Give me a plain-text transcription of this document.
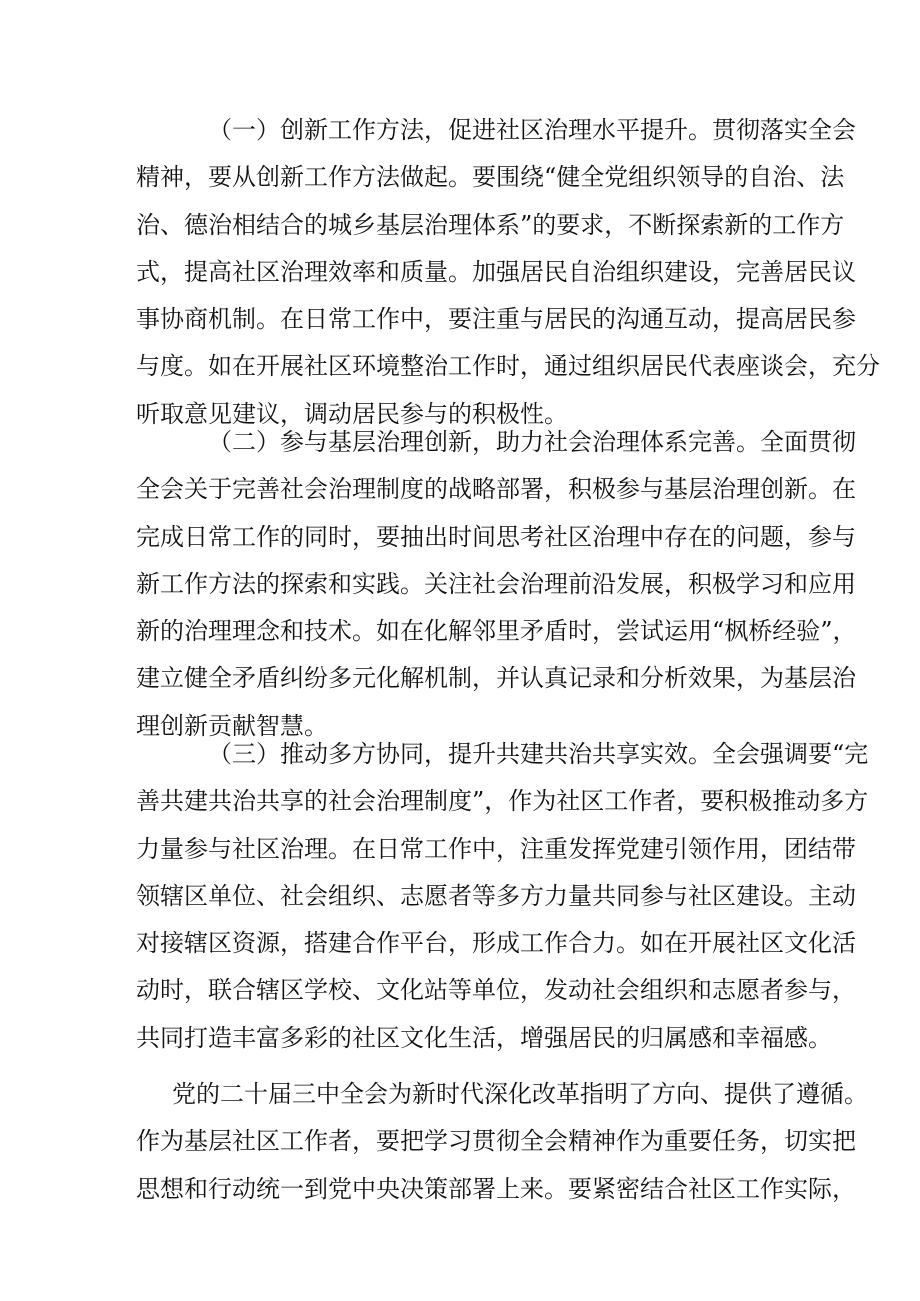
（一）创新工作方法，促进社区治理水平提升。贯彻落实全会
精神，要从创新工作方法做起。要围绕“健全党组织领导的自治、法
治、德治相结合的城乡基层治理体系”的要求，不断探索新的工作方
式，提高社区治理效率和质量。加强居民自治组织建设，完善居民议
事协商机制。在日常工作中，要注重与居民的沟通互动，提高居民参
与度。如在开展社区环境整治工作时，通过组织居民代表座谈会，充分
听取意见建议，调动居民参与的积极性。
（二）参与基层治理创新，助力社会治理体系完善。全面贯彻
全会关于完善社会治理制度的战略部署，积极参与基层治理创新。在
完成日常工作的同时，要抽出时间思考社区治理中存在的问题，参与
新工作方法的探索和实践。关注社会治理前沿发展，积极学习和应用
新的治理理念和技术。如在化解邻里矛盾时，尝试运用“枫桥经验”，
建立健全矛盾纠纷多元化解机制，并认真记录和分析效果，为基层治
理创新贡献智慧。
（三）推动多方协同，提升共建共治共享实效。全会强调要“完
善共建共治共享的社会治理制度”，作为社区工作者，要积极推动多方
力量参与社区治理。在日常工作中，注重发挥党建引领作用，团结带
领辖区单位、社会组织、志愿者等多方力量共同参与社区建设。主动
对接辖区资源，搭建合作平台，形成工作合力。如在开展社区文化活
动时，联合辖区学校、文化站等单位，发动社会组织和志愿者参与，
共同打造丰富多彩的社区文化生活，增强居民的归属感和幸福感。
党的二十届三中全会为新时代深化改革指明了方向、提供了遵循。
作为基层社区工作者，要把学习贯彻全会精神作为重要任务，切实把
思想和行动统一到党中央决策部署上来。要紧密结合社区工作实际，
